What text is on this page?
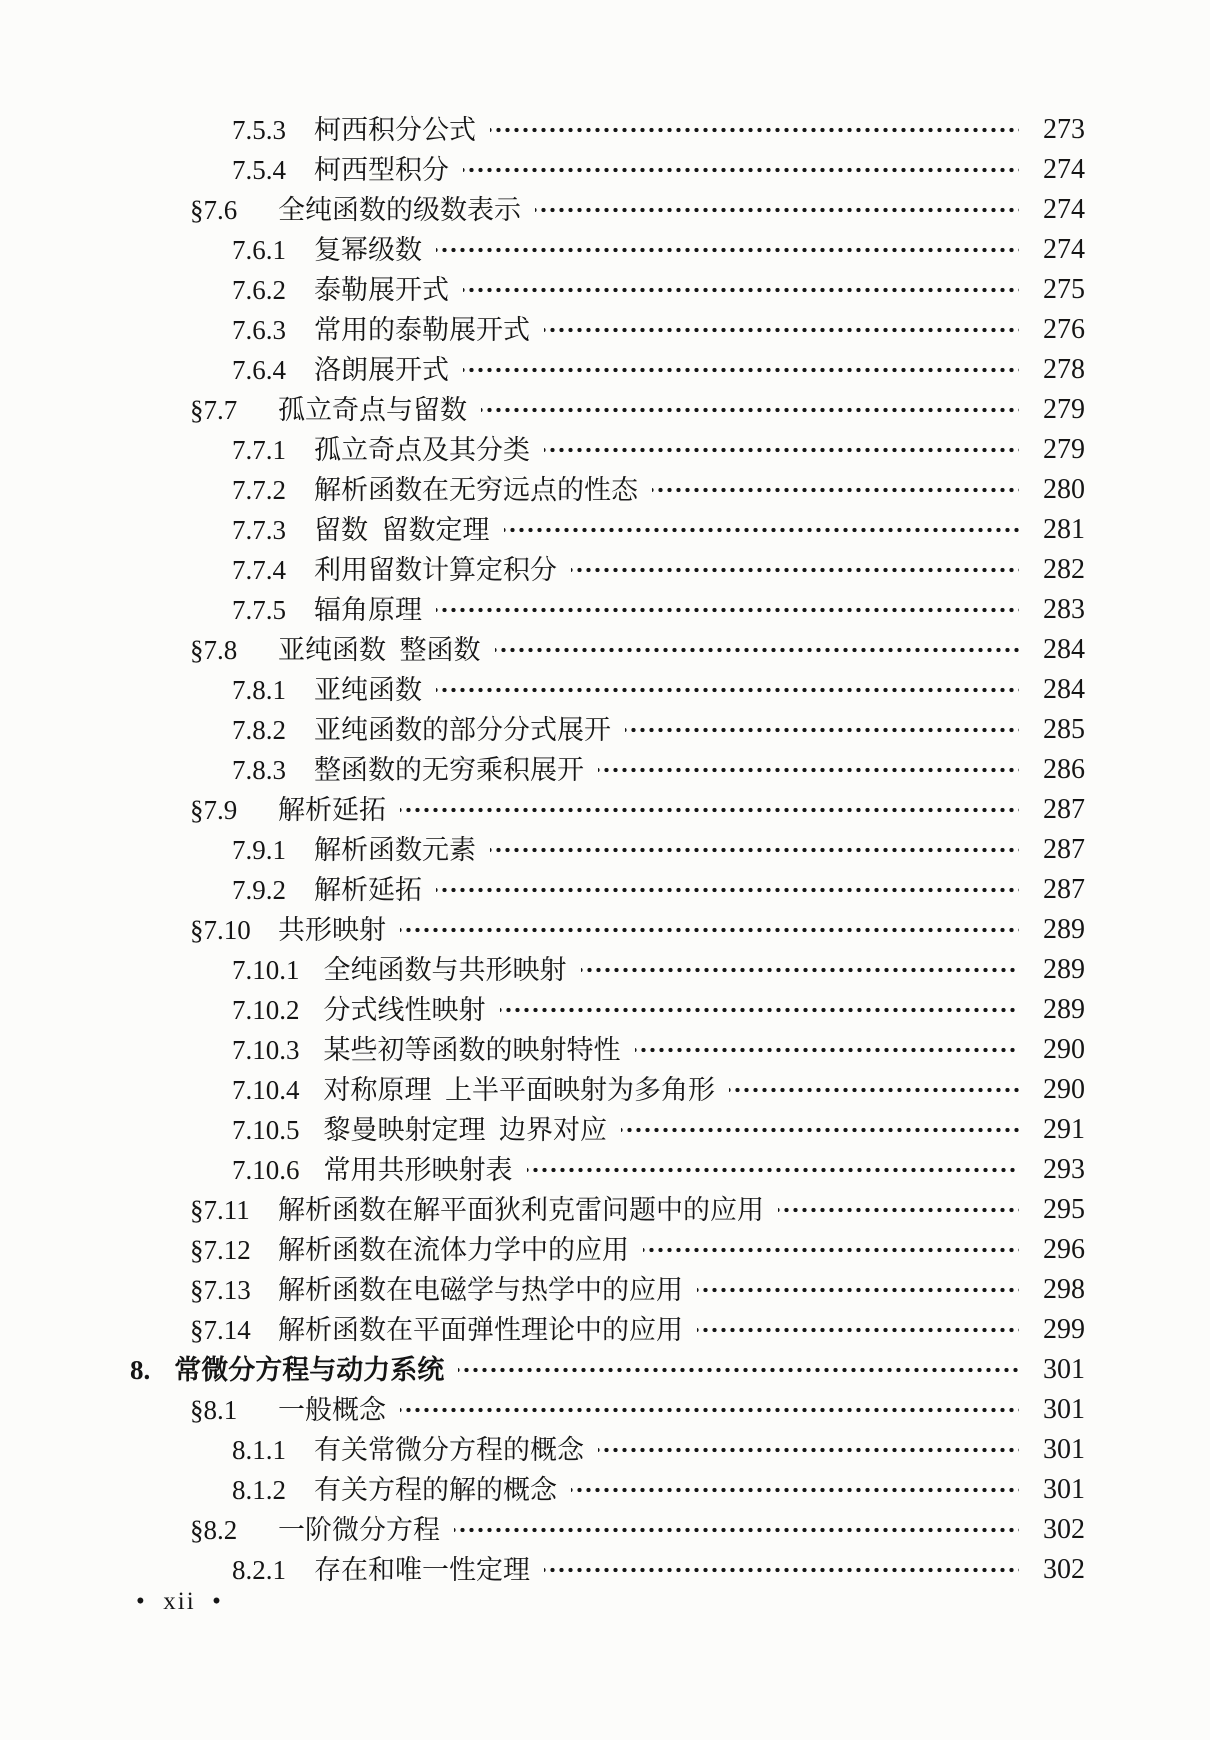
7.5.3 柯西积分公式	273
7.5.4 柯西型积分	274
§7.6	全纯函数的级数表示	274
7.6.1 复幂级数	274
7.6.2 泰勒展开式	275
7.6.3 常用的泰勒展开式	276
7.6.4 洛朗展开式	278
§7.7	孤立奇点与留数	279
7.7.1 孤立奇点及其分类	279
7.7.2 解析函数在无穷远点的性态	280
7.7.3 留数  留数定理	281
7.7.4 利用留数计算定积分	282
7.7.5 辐角原理	283
§7.8	亚纯函数  整函数	284
7.8.1 亚纯函数	284
7.8.2 亚纯函数的部分分式展开	285
7.8.3 整函数的无穷乘积展开	286
§7.9	解析延拓	287
7.9.1 解析函数元素	287
7.9.2 解析延拓	287
§7.10 共形映射	289
7.10.1 全纯函数与共形映射	289
7.10.2 分式线性映射	289
7.10.3 某些初等函数的映射特性	290
7.10.4 对称原理  上半平面映射为多角形	290
7.10.5 黎曼映射定理  边界对应	291
7.10.6 常用共形映射表	293
§7.11 解析函数在解平面狄利克雷问题中的应用	295
§7.12 解析函数在流体力学中的应用	296
§7.13 解析函数在电磁学与热学中的应用	298
§7.14 解析函数在平面弹性理论中的应用	299
8. 常微分方程与动力系统	301
§8.1	一般概念	301
8.1.1 有关常微分方程的概念	301
8.1.2 有关方程的解的概念	301
§8.2	一阶微分方程	302
8.2.1 存在和唯一性定理	302
•  xii  •
